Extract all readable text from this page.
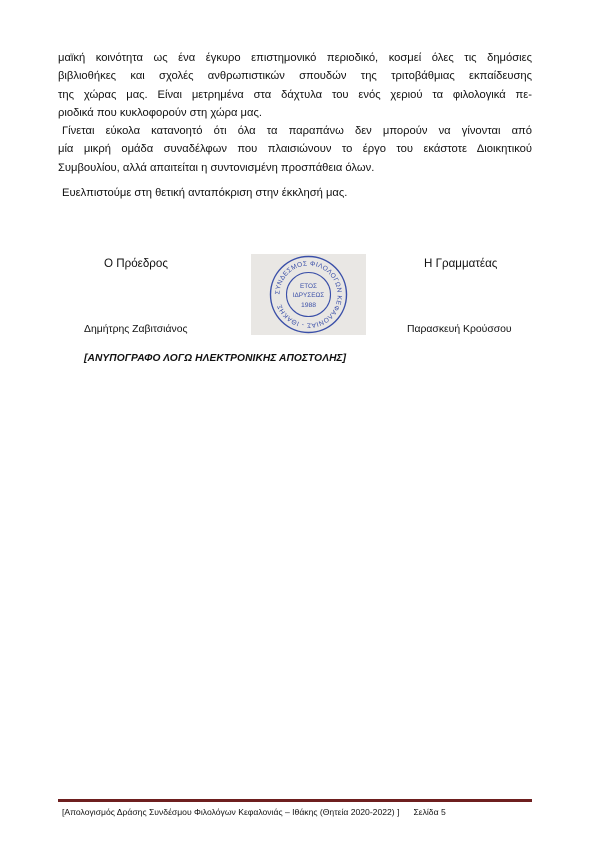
μαϊκή κοινότητα ως ένα έγκυρο επιστημονικό περιοδικό, κοσμεί όλες τις δημόσιες
βιβλιοθήκες και σχολές ανθρωπιστικών σπουδών της τριτοβάθμιας εκπαίδευσης
της χώρας μας. Είναι μετρημένα στα δάχτυλα του ενός χεριού τα φιλολογικά πε-
ριοδικά που κυκλοφορούν στη χώρα μας.

Γίνεται εύκολα κατανοητό ότι όλα τα παραπάνω δεν μπορούν να γίνονται από
μία μικρή ομάδα συναδέλφων που πλαισιώνουν το έργο του εκάστοτε Διοικητικού
Συμβουλίου, αλλά απαιτείται η συντονισμένη προσπάθεια όλων.

Ευελπιστούμε στη θετική ανταπόκριση στην έκκλησή μας.
Ο Πρόεδρος	Η Γραμματέας
ΣΥΝΔΕΣΜΟΣ ΦΙΛΟΛΟΓΩΝ ΚΕΦΑΛΟΝΙΑΣ - ΙΘΑΚΗΣ
ΕΤΟΣ
ΙΔΡΥΣΕΩΣ
1988
Δημήτρης Ζαβιτσιάνος	Παρασκευή Κρούσσου
[ΑΝΥΠΟΓΡΑΦΟ ΛΟΓΩ ΗΛΕΚΤΡΟΝΙΚΗΣ ΑΠΟΣΤΟΛΗΣ]
[Απολογισμός Δράσης Συνδέσμου Φιλολόγων Κεφαλονιάς – Ιθάκης (Θητεία 2020-2022) ] Σελίδα 5
